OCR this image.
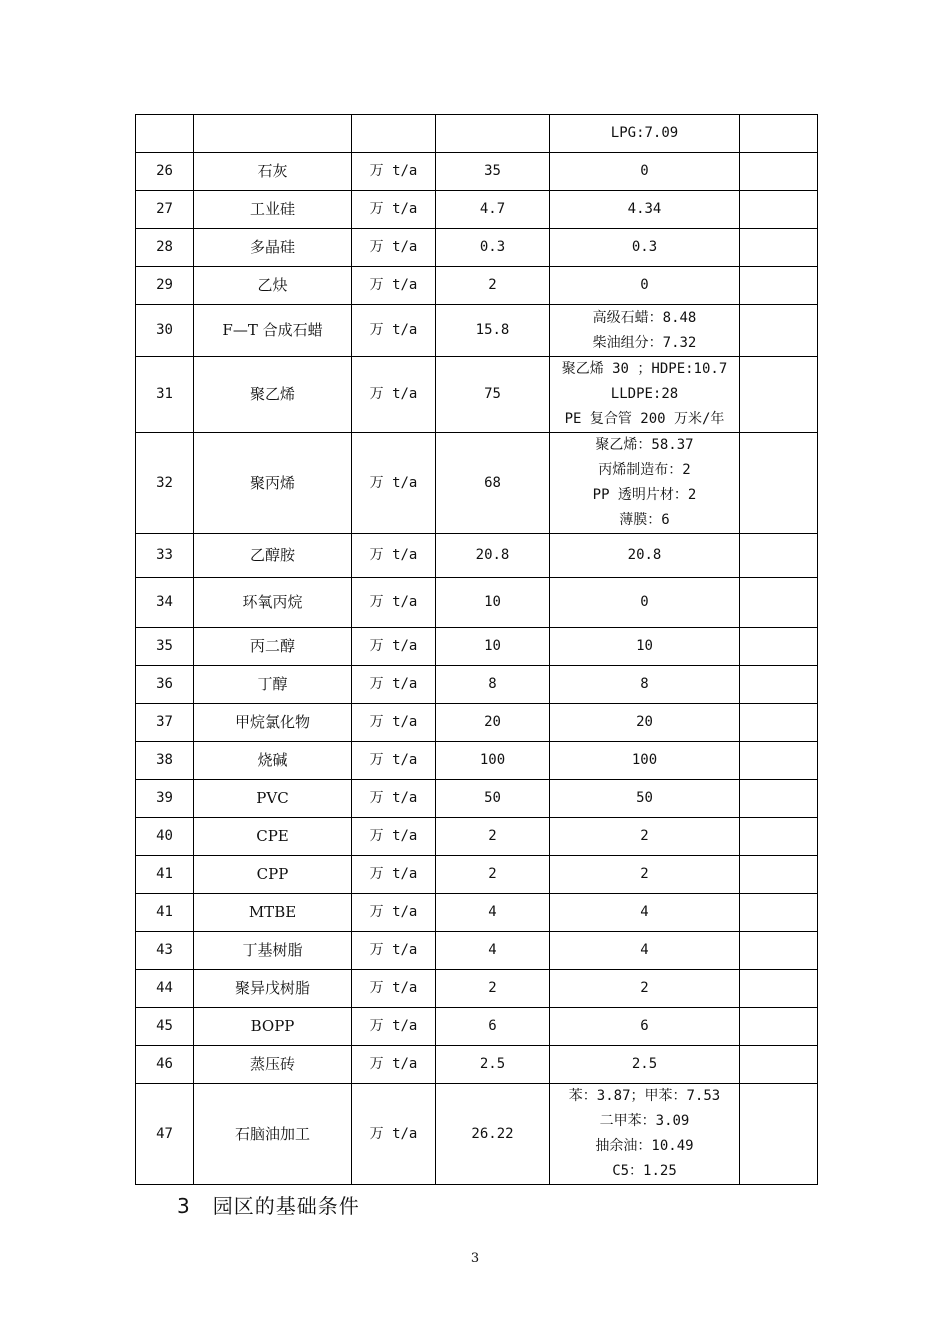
				LPG:7.09	

26	石灰	万 t/a	35	0	

27	工业硅	万 t/a	4.7	4.34	

28	多晶硅	万 t/a	0.3	0.3	

29	乙炔	万 t/a	2	0	

30	F—T 合成石蜡	万 t/a	15.8	高级石蜡：8.48
柴油组分：7.32	

31	聚乙烯	万 t/a	75	聚乙烯 30 ；HDPE:10.7
LLDPE:28
PE 复合管 200 万米/年	

32	聚丙烯	万 t/a	68	聚乙烯：58.37
丙烯制造布：2
PP 透明片材：2
薄膜：6	

33	乙醇胺	万 t/a	20.8	20.8	

34	环氧丙烷	万 t/a	10	0	

35	丙二醇	万 t/a	10	10	

36	丁醇	万 t/a	8	8	

37	甲烷氯化物	万 t/a	20	20	

38	烧碱	万 t/a	100	100	

39	PVC	万 t/a	50	50	

40	CPE	万 t/a	2	2	

41	CPP	万 t/a	2	2	

41	MTBE	万 t/a	4	4	

43	丁基树脂	万 t/a	4	4	

44	聚异戊树脂	万 t/a	2	2	

45	BOPP	万 t/a	6	6	

46	蒸压砖	万 t/a	2.5	2.5	

47	石脑油加工	万 t/a	26.22	苯：3.87；甲苯：7.53
二甲苯：3.09
抽余油：10.49
C5：1.25	

3 园区的基础条件
3
